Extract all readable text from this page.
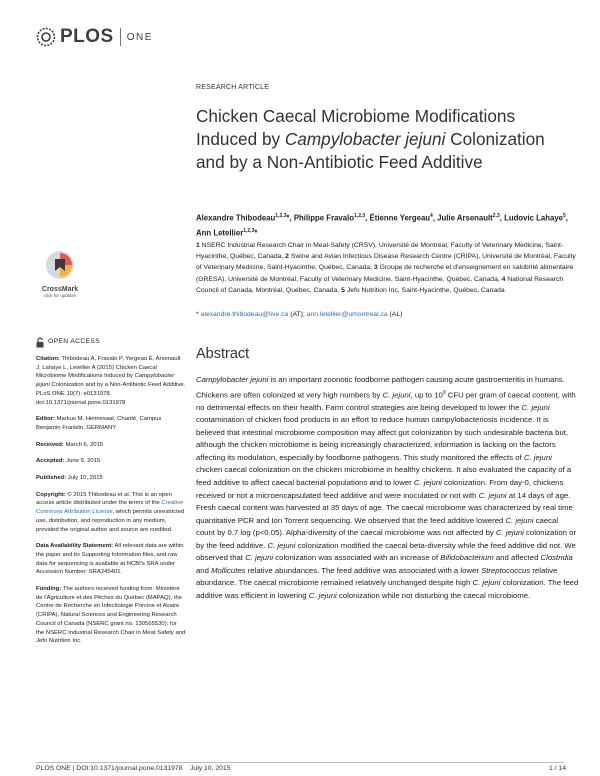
PLOS ONE
RESEARCH ARTICLE
Chicken Caecal Microbiome Modifications Induced by Campylobacter jejuni Colonization and by a Non-Antibiotic Feed Additive
Alexandre Thibodeau$^{1,2,3}$*, Philippe Fravalo$^{1,2,3}$, Étienne Yergeau$^4$, Julie Arsenault$^{2,3}$, Ludovic Lahaye$^5$, Ann Letellier$^{1,2,3}$*
1 NSERC Industrial Research Chair in Meat-Safety (CRSV), Université de Montréal, Faculty of Veterinary Medicine, Saint-Hyacinthe, Québec, Canada, 2 Swine and Avian Infectious Disease Research Centre (CRIPA), Université de Montréal, Faculty of Veterinary Medicine, Saint-Hyacinthe, Québec, Canada, 3 Groupe de recherche et d'enseignement en salubrité alimentaire (GRESA), Université de Montréal, Faculty of Veterinary Medicine, Saint-Hyacinthe, Québec, Canada, 4 National Research Council of Canada, Montréal, Québec, Canada, 5 Jefo Nutrition Inc, Saint-Hyacinthe, Québec, Canada
* alexandre.thibodeau@live.ca (AT); ann.letellier@umontreal.ca (AL)
CrossMark
click for updates
OPEN ACCESS
Citation: Thibodeau A, Fravalo P, Yergeau É, Arsenault J, Lahaye L, Letellier A (2015) Chicken Caecal Microbiome Modifications Induced by Campylobacter jejuni Colonization and by a Non-Antibiotic Feed Additive. PLoS ONE 10(7): e0131978. doi:10.1371/journal.pone.0131978
Editor: Markus M. Heimesaat, Charité, Campus Benjamin Franklin, GERMANY
Received: March 6, 2015
Accepted: June 9, 2015
Published: July 10, 2015
Copyright: © 2015 Thibodeau et al. This is an open access article distributed under the terms of the Creative Commons Attribution License, which permits unrestricted use, distribution, and reproduction in any medium, provided the original author and source are credited.
Data Availability Statement: All relevant data are within the paper and its Supporting Information files, and raw data for sequencing is available at NCBI's SRA under Accession Number: SRA245401.
Funding: The authors received funding from: Ministère de l'Agriculture et des Pêches du Québec (MAPAQ), the Centre de Recherche en Infectiologie Porcine et Avaire (CRIPA), Natural Sciences and Engineering Research Council of Canada (NSERC grant no. 130565530); for the NSERC Industrial Research Chair in Meat Safety and Jefo Nutrition Inc.
Abstract
Campylobacter jejuni is an important zoonotic foodborne pathogen causing acute gastroenteritis in humans. Chickens are often colonized at very high numbers by C. jejuni, up to $10^9$ CFU per gram of caecal content, with no detrimental effects on their health. Farm control strategies are being developed to lower the C. jejuni contamination of chicken food products in an effort to reduce human campylobacteriosis incidence. It is believed that intestinal microbiome composition may affect gut colonization by such undesirable bacteria but, although the chicken microbiome is being increasingly characterized, information is lacking on the factors affecting its modulation, especially by foodborne pathogens. This study monitored the effects of C. jejuni chicken caecal colonization on the chicken microbiome in healthy chickens. It also evaluated the capacity of a feed additive to affect caecal bacterial populations and to lower C. jejuni colonization. From day-0, chickens received or not a microencapsulated feed additive and were inoculated or not with C. jejuni at 14 days of age. Fresh caecal content was harvested at 35 days of age. The caecal microbiome was characterized by real time quantitative PCR and Ion Torrent sequencing. We observed that the feed additive lowered C. jejuni caecal count by 0.7 log (p<0.05). Alpha-diversity of the caecal microbiome was not affected by C. jejuni colonization or by the feed additive. C. jejuni colonization modified the caecal beta-diversity while the feed additive did not. We observed that C. jejuni colonization was associated with an increase of Bifidobacterium and affected Clostridia and Mollicutes relative abundances. The feed additive was associated with a lower Streptococcus relative abundance. The caecal microbiome remained relatively unchanged despite high C. jejuni colonization. The feed additive was efficient in lowering C. jejuni colonization while not disturbing the caecal microbiome.
PLOS ONE | DOI:10.1371/journal.pone.0131978    July 10, 2015	1 / 14
